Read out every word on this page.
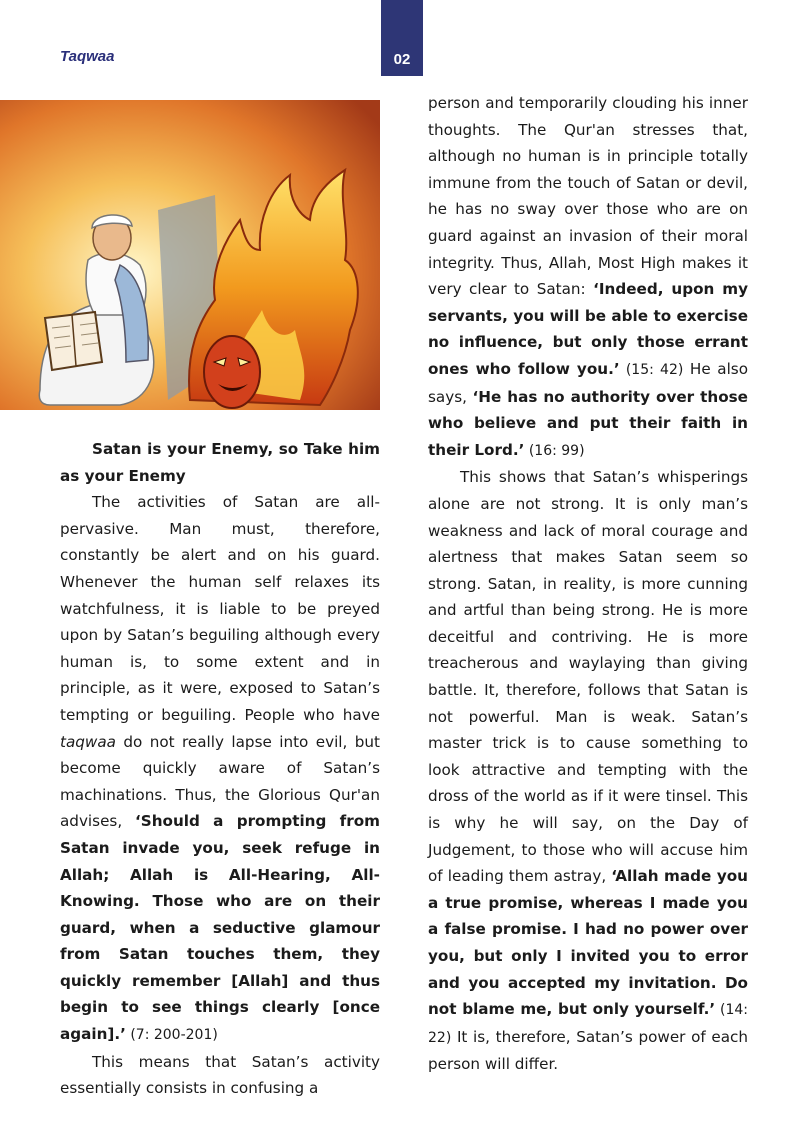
Taqwaa	02

Satan is your Enemy, so Take him as your Enemy

The activities of Satan are all-pervasive. Man must, therefore, constantly be alert and on his guard. Whenever the human self relaxes its watchfulness, it is liable to be preyed upon by Satan’s beguiling although every human is, to some extent and in principle, as it were, exposed to Satan’s tempting or beguiling. People who have taqwaa do not really lapse into evil, but become quickly aware of Satan’s machinations. Thus, the Glorious Qur'an advises, ‘Should a prompting from Satan invade you, seek refuge in Allah; Allah is All-Hearing, All-Knowing. Those who are on their guard, when a seductive glamour from Satan touches them, they quickly remember [Allah] and thus begin to see things clearly [once again].’ (7: 200-201)

This means that Satan’s activity essentially consists in confusing a

person and temporarily clouding his inner thoughts. The Qur'an stresses that, although no human is in principle totally immune from the touch of Satan or devil, he has no sway over those who are on guard against an invasion of their moral integrity. Thus, Allah, Most High makes it very clear to Satan: ‘Indeed, upon my servants, you will be able to exercise no influence, but only those errant ones who follow you.’ (15: 42) He also says, ‘He has no authority over those who believe and put their faith in their Lord.’ (16: 99)

This shows that Satan’s whisperings alone are not strong. It is only man’s weakness and lack of moral courage and alertness that makes Satan seem so strong. Satan, in reality, is more cunning and artful than being strong. He is more deceitful and contriving. He is more treacherous and waylaying than giving battle. It, therefore, follows that Satan is not powerful. Man is weak. Satan’s master trick is to cause something to look attractive and tempting with the dross of the world as if it were tinsel. This is why he will say, on the Day of Judgement, to those who will accuse him of leading them astray, ‘Allah made you a true promise, whereas I made you a false promise. I had no power over you, but only I invited you to error and you accepted my invitation. Do not blame me, but only yourself.’ (14: 22) It is, therefore, Satan’s power of each person will differ.
